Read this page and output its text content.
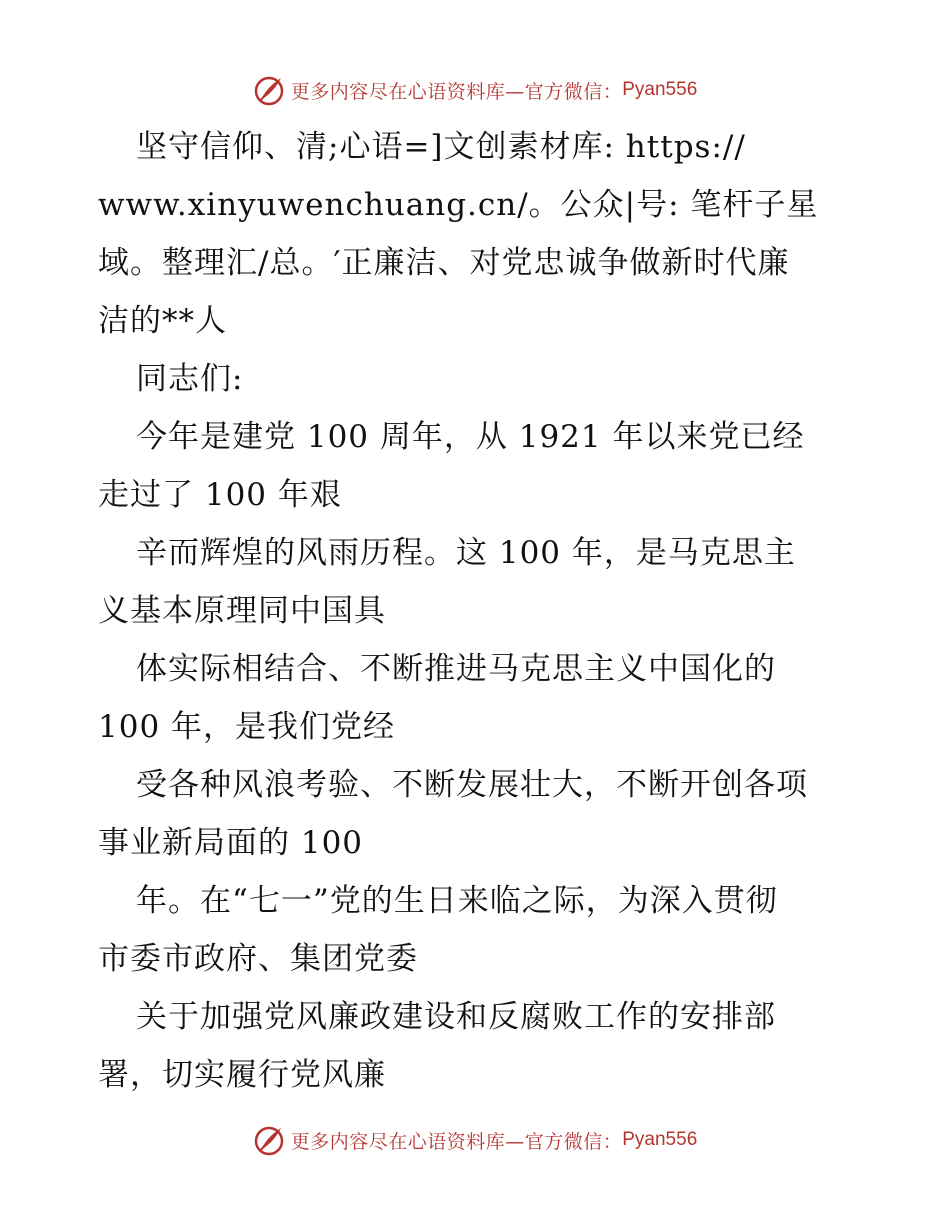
更多内容尽在心语资料库—官方微信： Pyan556
坚守信仰、清;心语=]文创素材库: https://
www.xinyuwenchuang.cn/。公众|号: 笔杆子星
域。整理汇/总。′正廉洁、对党忠诚争做新时代廉
洁的**人
同志们:
今年是建党 100 周年，从 1921 年以来党已经
走过了 100 年艰
辛而辉煌的风雨历程。这 100 年，是马克思主
义基本原理同中国具
体实际相结合、不断推进马克思主义中国化的
100 年，是我们党经
受各种风浪考验、不断发展壮大，不断开创各项
事业新局面的 100
年。在“七一”党的生日来临之际，为深入贯彻
市委市政府、集团党委
关于加强党风廉政建设和反腐败工作的安排部
署，切实履行党风廉
更多内容尽在心语资料库—官方微信： Pyan556
